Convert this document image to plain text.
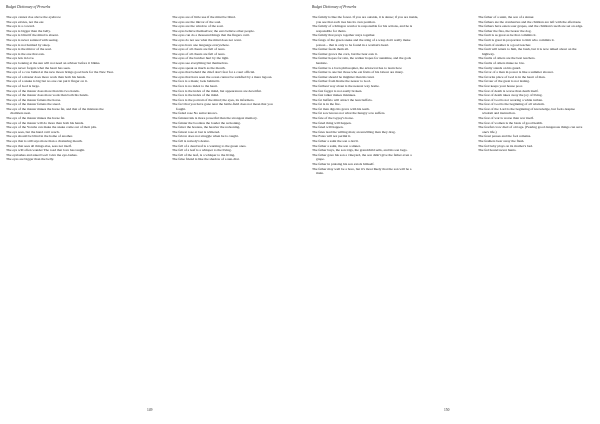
Budget Dictionary of Proverbs

The eye cannot rise above the eyebrow.

The eye envies, not the ear.

The eye is a coward.

The eye is bigger than the belly.

The eye is blind if the mind is absent.

The eye is never satiated with seeing.

The eye is not harmed by sleep.

The eye is the mirror of the soul.

The eye is the one that eats.

The eye lets in love.

The eye looking at the sun will not need an adviser before it blinks.

The eye never forgets what the heart has seen.

The eye of a cow bulled at the new moon brings good luck for the New Year.

The eye of a master does more work than both his hands.

The eye of a snake is big but no one can put it finger on it.

The eye of God is large.

The eye of the master does more than his two hands.

The eye of the master does more work than both his hands.

The eye of the master fattens the horse.

The eye of the master fattens the steed.

The eye of the master makes the horse fat, and that of the mistress the chambers neat.

The eye of the master makes the horse fat.

The eye of the master will do more than both his hands.

The eye of the Yoruba can make the snake come out of their pits.

The eye sees, but the hand can't reach.

The eye should be blind in the home of another.

The eye that is still says more than a chattering mouth.

The eye that sees all things else, sees not itself.

The eye will often wander The road that love has taught.

The eyelashes and asked God: Give me eye-lashes.

The eyes are bigger than the belly.

The eyes are of little use if the mind be blind.

The eyes are the mirror of the soul.

The eyes are the window of the soul.

The eyes believe themselves; the ears believe other people.

The eyes can do a thousand things that the fingers can't.

The eyes do not see what the mind does not want.

The eyes have one language everywhere.

The eyes of all cheats are full of tears.

The eyes of all cheats are full of tears.

The eyes of the butcher hurt by the light.

The eyes see everything but themselves.

The eyes speak as much as the mouth.

The eyes that beheld the chief don't fear for a court official.

The eyes that have seen the ocean cannot be satisfied by a mere lagoon.

The face is a mask; look behind it.

The face is no index to the heart.

The face is the index of the mind, but appearances are deceitful.

The face is the index of the mind.

The face is the portrait of the mind; the eyes, its informers.

The fact that you have gone near the battle-field does not mean that you fought.

The faded rose No suitor knows.

The faintest ink is more powerful than the strongest memory.

The fainter the bootless the louder the reckoning.

The fairer the hostess, the heavier the reckoning.

The fairest rose at last is withered.

The falcon does not struggle when he is caught.

The fall is nobody's desire.

The fall of a dead leaf is a warning to the green ones.

The fall of a leaf is a whisper to the living.

The fall of the leaf, is a whisper to the living.

The false friend is like the shadow of a sun-dial.

149
Budget Dictionary of Proverbs

The family is like the forest. If you are outside, it is dense; if you are inside, you see that each tree has its own position.

The family of a Klingon warrior is responsible for his actions, and he is responsible for theirs.

The family that prays together stays together.

The fangs of the green snake and the sting of a wasp don't really make poison – that is only to be found in a woman's heart.

The farmer feeds them all.

The farmer grows the corn, but the bear eats it.

The farmer hopes for rain, the walker hopes for sunshine, and the gods hesitate.

The farmer is a born philosopher, the aristocrat has to learn how.

The farmer is one but those who eat fruits of his labour are many.

The farmer should be mightier than his land.

The farther from Rome the nearer to God.

The farthest way about is the nearest way home.

The fast faggot is not easily broken.

The fast talker makes mistakes.

The fat buffalo will attract the lean buffalo.

The fat is in the fire.

The fat man digs his grave with his teeth.

The fat sow knows not what the hungry sow suffers.

The fate of the Gypsy's horse.

The fated thing will happen.

The fated will happen.

The fates lead the willing man; an unwilling man they drag.

The Fates will not permit it.

The father a saint the son a devil.

The father a saint, the son a sinner.

The father buys, the son trigs, the grandchild sells, and his son begs.

The father gave his son a vineyard, the son didn't give the father even a grape.

The father in praising his son extols himself.

The father may well be a bore, but it's most likely that the son will be a mule.

The father of a saint, the son of a sinner.

The fathers ate the cranberries and the children are left with the aftertaste.

The fathers have eaten sour grapes, and the children's teeth are set on edge.

The father the flea, the bearer the dog.

The fault is as great as he that commits it.

The fault is great in proportion to him who commits it.

The fault of another is a good teacher.

The fault will return to him, the bush, but it is now talked about on the highway.

The faults of others are the best teachers.

The faults of others make no law.

The faulty stands on his guard.

The favor of a man in power is like a summer shower.

The favorite place of God is in the heart of man.

The favour of the great is not lasting.

The fear keeps your house poor.

The fear of death is worse than death itself.

The fear of death takes away the joy of living.

The fear of God is not wearing a white turban.

The fear of God is the beginning of all wisdom.

The fear of the Lord is the beginning of knowledge, but fools despise wisdom and instruction.

The fear of war is worse than war itself.

The fear of women is the basis of good health.

The fearful crow died of old age. (Fearing good dangerous things can save one's life.)

The feast passes and the fool remains.

The feathers bear away the flesh.

The fed baby plays on its mother's bed.

The fed hound never hunts.

150
